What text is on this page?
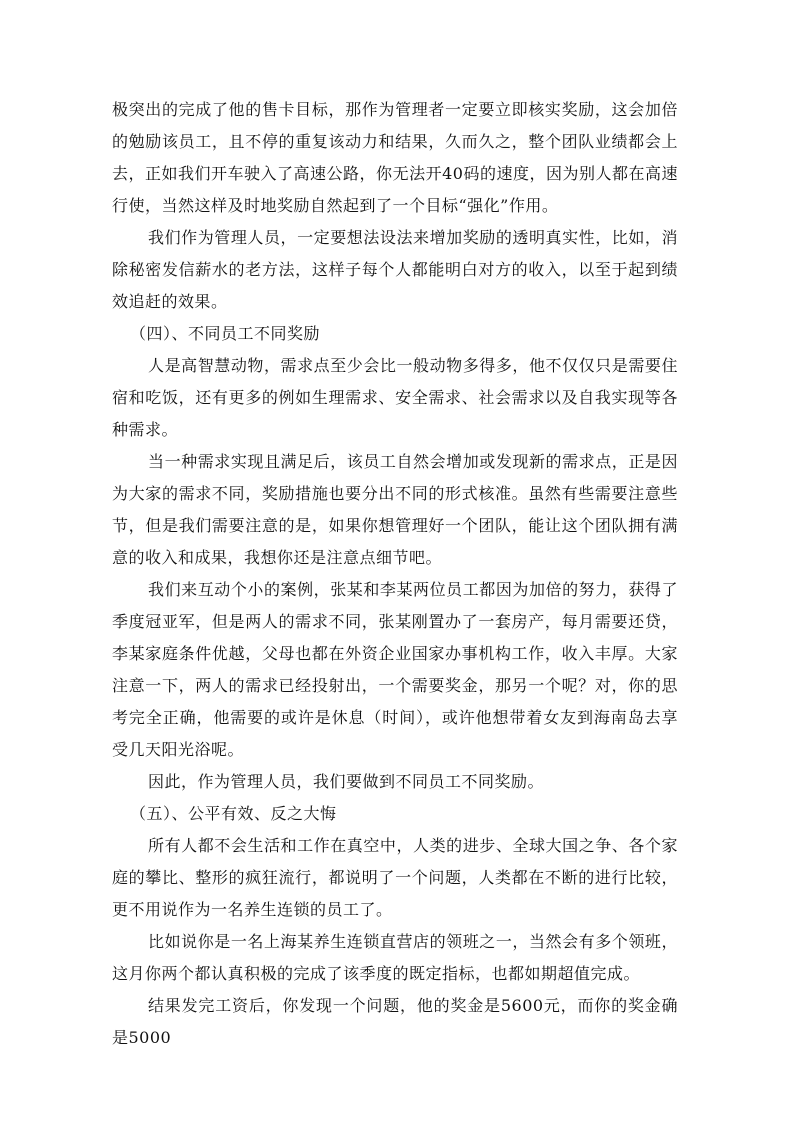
极突出的完成了他的售卡目标，那作为管理者一定要立即核实奖励，这会加倍的勉励该员工，且不停的重复该动力和结果，久而久之，整个团队业绩都会上去，正如我们开车驶入了高速公路，你无法开40码的速度，因为别人都在高速行使，当然这样及时地奖励自然起到了一个目标“强化”作用。

我们作为管理人员，一定要想法设法来增加奖励的透明真实性，比如，消除秘密发信薪水的老方法，这样子每个人都能明白对方的收入，以至于起到绩效追赶的效果。

（四）、不同员工不同奖励

人是高智慧动物，需求点至少会比一般动物多得多，他不仅仅只是需要住宿和吃饭，还有更多的例如生理需求、安全需求、社会需求以及自我实现等各种需求。

当一种需求实现且满足后，该员工自然会增加或发现新的需求点，正是因为大家的需求不同，奖励措施也要分出不同的形式核准。虽然有些需要注意些节，但是我们需要注意的是，如果你想管理好一个团队，能让这个团队拥有满意的收入和成果，我想你还是注意点细节吧。

我们来互动个小的案例，张某和李某两位员工都因为加倍的努力，获得了季度冠亚军，但是两人的需求不同，张某刚置办了一套房产，每月需要还贷，李某家庭条件优越，父母也都在外资企业国家办事机构工作，收入丰厚。大家注意一下，两人的需求已经投射出，一个需要奖金，那另一个呢？对，你的思考完全正确，他需要的或许是休息（时间），或许他想带着女友到海南岛去享受几天阳光浴呢。

因此，作为管理人员，我们要做到不同员工不同奖励。

（五）、公平有效、反之大悔

所有人都不会生活和工作在真空中，人类的进步、全球大国之争、各个家庭的攀比、整形的疯狂流行，都说明了一个问题，人类都在不断的进行比较，更不用说作为一名养生连锁的员工了。

比如说你是一名上海某养生连锁直营店的领班之一，当然会有多个领班，这月你两个都认真积极的完成了该季度的既定指标，也都如期超值完成。

结果发完工资后，你发现一个问题，他的奖金是5600元，而你的奖金确是5000
